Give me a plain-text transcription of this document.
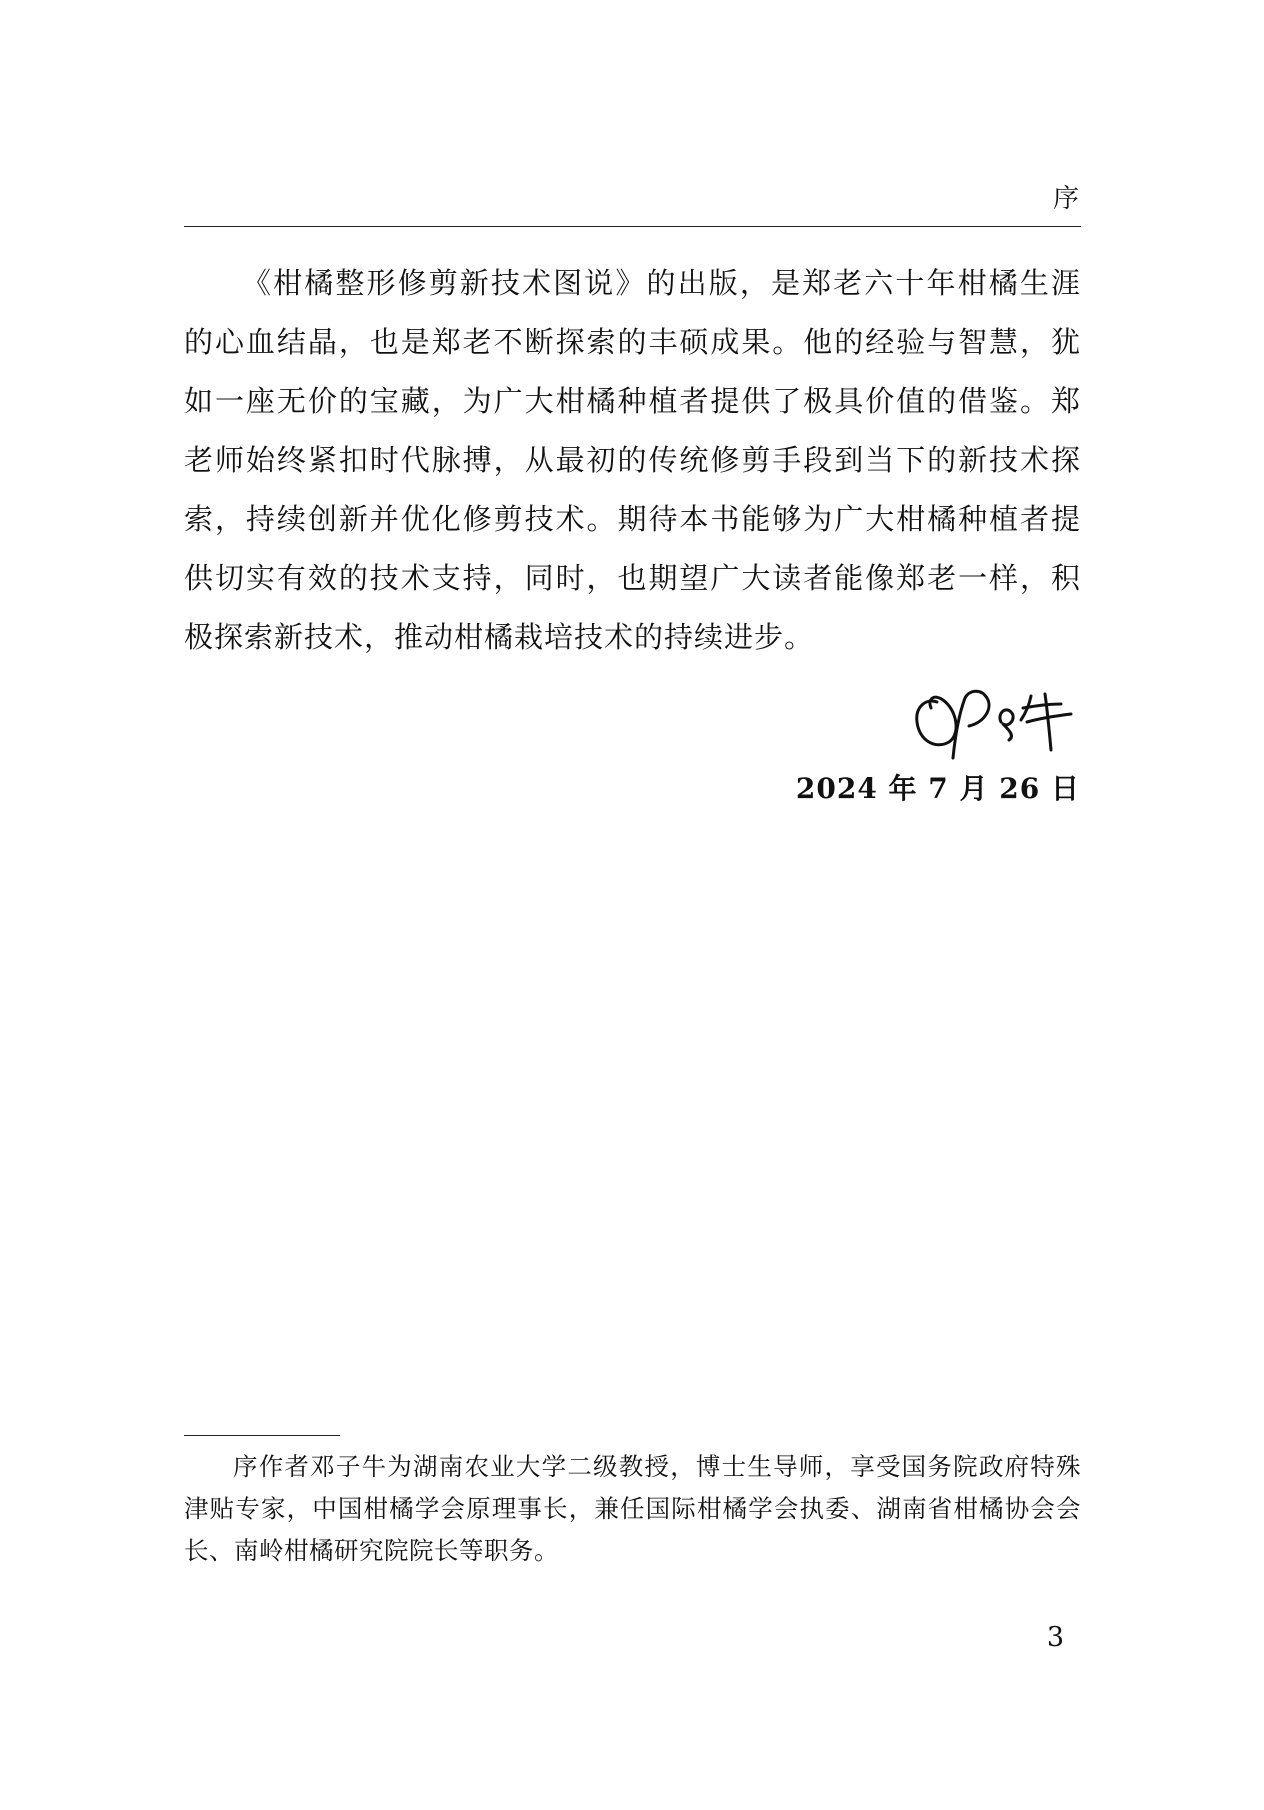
序

《柑橘整形修剪新技术图说》的出版，是郑老六十年柑橘生涯的心血结晶，也是郑老不断探索的丰硕成果。他的经验与智慧，犹如一座无价的宝藏，为广大柑橘种植者提供了极具价值的借鉴。郑老师始终紧扣时代脉搏，从最初的传统修剪手段到当下的新技术探索，持续创新并优化修剪技术。期待本书能够为广大柑橘种植者提供切实有效的技术支持，同时，也期望广大读者能像郑老一样，积极探索新技术，推动柑橘栽培技术的持续进步。

2024 年 7 月 26 日

序作者邓子牛为湖南农业大学二级教授，博士生导师，享受国务院政府特殊津贴专家，中国柑橘学会原理事长，兼任国际柑橘学会执委、湖南省柑橘协会会长、南岭柑橘研究院院长等职务。

3
